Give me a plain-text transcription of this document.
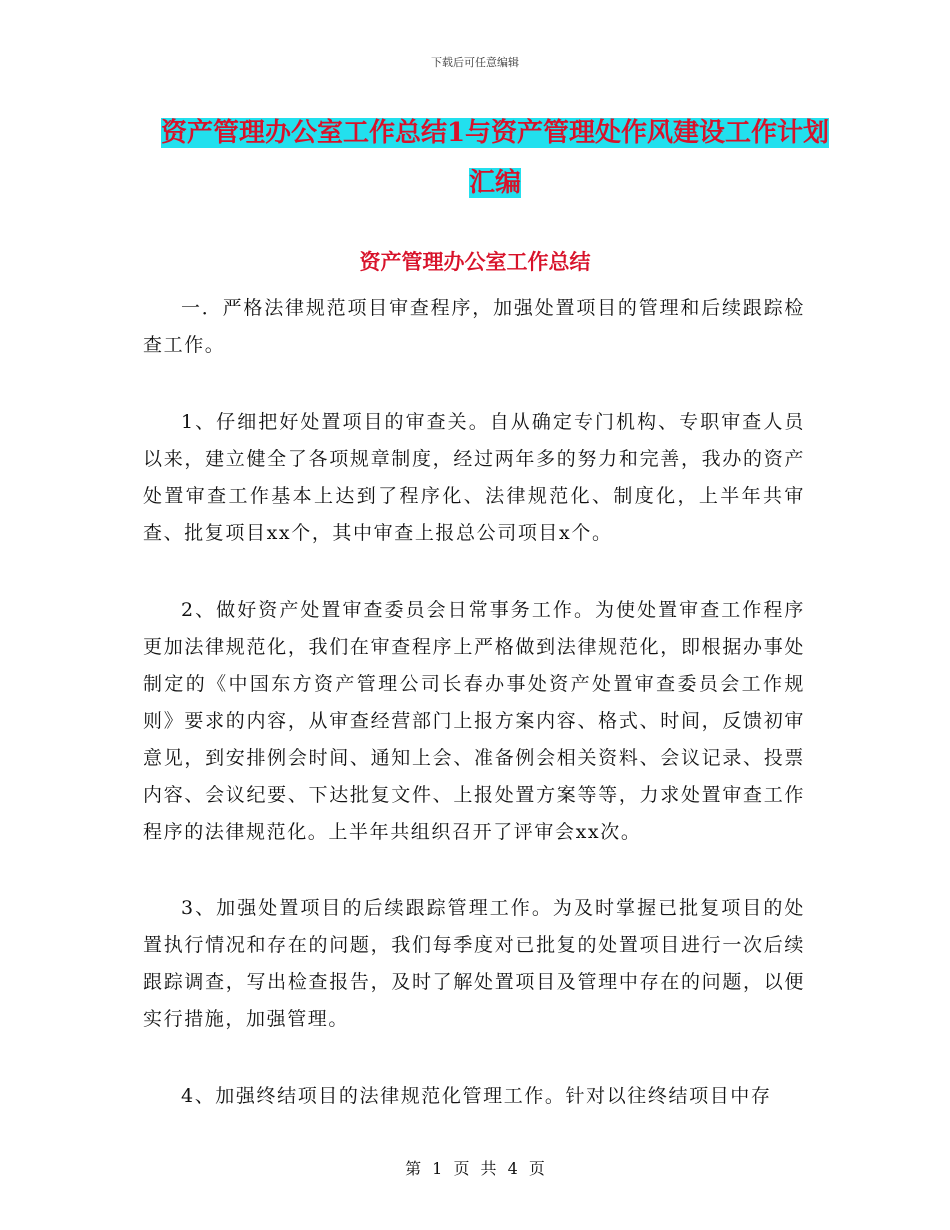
下载后可任意编辑
资产管理办公室工作总结1与资产管理处作风建设工作计划汇编
资产管理办公室工作总结

一．严格法律规范项目审查程序，加强处置项目的管理和后续跟踪检查工作。

1、仔细把好处置项目的审查关。自从确定专门机构、专职审查人员以来，建立健全了各项规章制度，经过两年多的努力和完善，我办的资产处置审查工作基本上达到了程序化、法律规范化、制度化，上半年共审查、批复项目xx个，其中审查上报总公司项目x个。

2、做好资产处置审查委员会日常事务工作。为使处置审查工作程序更加法律规范化，我们在审查程序上严格做到法律规范化，即根据办事处制定的《中国东方资产管理公司长春办事处资产处置审查委员会工作规则》要求的内容，从审查经营部门上报方案内容、格式、时间，反馈初审意见，到安排例会时间、通知上会、准备例会相关资料、会议记录、投票内容、会议纪要、下达批复文件、上报处置方案等等，力求处置审查工作程序的法律规范化。上半年共组织召开了评审会xx次。

3、加强处置项目的后续跟踪管理工作。为及时掌握已批复项目的处置执行情况和存在的问题，我们每季度对已批复的处置项目进行一次后续跟踪调查，写出检查报告，及时了解处置项目及管理中存在的问题，以便实行措施，加强管理。

4、加强终结项目的法律规范化管理工作。针对以往终结项目中存

第 1 页 共 4 页
